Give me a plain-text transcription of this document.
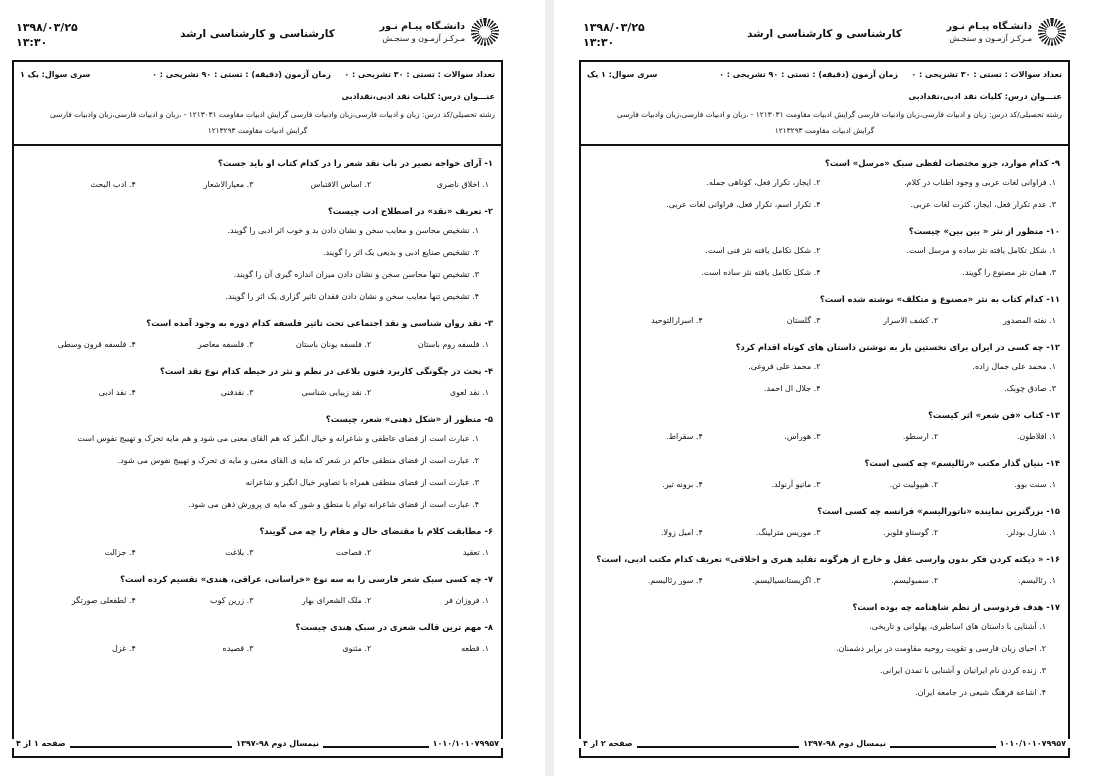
۱۳۹۸/۰۳/۲۵
۱۳:۳۰
کارشناسی و کارشناسی ارشد
دانشـگاه پیـام نـور
مـرکـز آزمـون و سنجـش
تعداد سوالات : تستی : ۳۰ تشریحی : ۰
زمان آزمون (دقیقه) : تستی : ۹۰ تشریحی : ۰
سری سوال: یک ۱
عنـــوان درس: کلیات نقد ادبی،نقدادبی
رشته تحصیلی/کد درس: زبان و ادبیات فارسی،زبان وادبیات فارسی گرایش ادبیات مقاومت ۱۲۱۳۰۳۱ - ،زبان و ادبیات فارسی،زبان وادبیات فارسی
گرایش ادبیات مقاومت ۱۲۱۳۲۹۳
۱- آرای خواجه نصیر در باب نقد شعر را در کدام کتاب او باید جست؟
۱. اخلاق ناصری
۲. اساس الاقتباس
۳. معیارالاشعار
۴. ادب البحث
۲- تعریف «نقد» در اصطلاح ادب چیست؟
۱. تشخیص محاسن و معایب سخن و نشان دادن بد و خوب اثر ادبی را گویند.
۲. تشخیص صنایع ادبی و بدیعی یک اثر را گویند.
۳. تشخیص تنها محاسن سخن و نشان دادن میزان اندازه گیری آن را گویند.
۴. تشخیص تنها معایب سخن و نشان دادن فقدان تاثیر گزاری یک اثر را گویند.
۳- نقد روان شناسی و نقد اجتماعی تحت تاثیر فلسفه کدام دوره به وجود آمده است؟
۱. فلسفه روم باستان
۲. فلسفه یونان باستان
۳. فلسفه معاصر
۴. فلسفه قرون وسطی
۴- بحث در چگونگی کاربرد فنون بلاغی در نظم و نثر در حیطه کدام نوع نقد است؟
۱. نقد لغوی
۲. نقد زیبایی شناسی
۳. نقدفنی
۴. نقد ادبی
۵- منظور از «شکل ذهنی» شعر، چیست؟
۱. عبارت است از فضای عاطفی و شاعرانه و خیال انگیز که هم القای معنی می شود و هم مایه تحرک و تهییج نفوس است
۲. عبارت است از فضای منطقی حاکم در شعر که مایه ی القای معنی و مایه ی تحرک و تهییج نفوس می شود.
۳. عبارت است از فضای منطقی همراه با تصاویر خیال انگیز و شاعرانه
۴. عبارت است از فضای شاعرانه توام با منطق و شور که مایه ی پرورش ذهن می شود.
۶- مطابقت کلام با مقتضای حال و مقام را چه می گویند؟
۱. تعقید
۲. فصاحت
۳. بلاغت
۴. جزالت
۷- چه کسی سبک شعر فارسی را به سه نوع «خراسانی، عراقی، هندی» تقسیم کرده است؟
۱. فروزان فر
۲. ملک الشعرای بهار
۳. زرین کوب
۴. لطفعلی صورتگر
۸- مهم ترین قالب شعری در سبک هندی چیست؟
۱. قطعه
۲. مثنوی
۳. قصیده
۴. غزل
۱۰۱۰/۱۰۱۰۷۹۹۵۷
نیمسال دوم ۹۸-۱۳۹۷
صفحه ۱ از ۴
۱۳۹۸/۰۳/۲۵
۱۳:۳۰
کارشناسی و کارشناسی ارشد
دانشـگاه پیـام نـور
مـرکـز آزمـون و سنجـش
تعداد سوالات : تستی : ۳۰ تشریحی : ۰
زمان آزمون (دقیقه) : تستی : ۹۰ تشریحی : ۰
سری سوال: ۱ یک
عنـــوان درس: کلیات نقد ادبی،نقدادبی
رشته تحصیلی/کد درس: زبان و ادبیات فارسی،زبان وادبیات فارسی گرایش ادبیات مقاومت ۱۲۱۳۰۳۱ - ،زبان و ادبیات فارسی،زبان وادبیات فارسی
گرایش ادبیات مقاومت ۱۲۱۳۲۹۳
۹- کدام موارد، جزو مختصات لفظی سبک «مرسل» است؟
۱. فراوانی لغات عربی و وجود اطناب در کلام.
۲. ایجاز، تکرار فعل، کوتاهی جمله.
۳. عدم تکرار فعل، ایجاز، کثرت لغات عربی.
۴. تکرار اسم، تکرار فعل، فراوانی لغات عربی.
۱۰- منظور از نثر « بین بین» چیست؟
۱. شکل تکامل یافته نثر ساده و مرسل است.
۲. شکل تکامل یافته نثر فنی است.
۳. همان نثر مصنوع را گویند.
۴. شکل تکامل یافته نثر ساده است.
۱۱- کدام کتاب به نثر «مصنوع و متکلف» نوشته شده است؟
۱. نفثه المصدور
۲. کشف الاسرار
۳. گلستان
۴. اسرارالتوحید
۱۲- چه کسی در ایران برای نخستین بار به نوشتن داستان های کوتاه اقدام کرد؟
۱. محمد علی جمال زاده.
۲. محمد علی فروغی.
۳. صادق چوبک.
۴. جلال ال احمد.
۱۳- کتاب «فن شعر» اثر کیست؟
۱. افلاطون.
۲. ارسطو.
۳. هوراس.
۴. سقراط.
۱۴- بنیان گذار مکتب «رئالیسم» چه کسی است؟
۱. سنت بوو.
۲. هیپولیت تن.
۳. ماتیو آرنولد.
۴. برونه تیر.
۱۵- بزرگترین نماینده «ناتورالیسم» فرانسه چه کسی است؟
۱. شارل بودلر.
۲. گوستاو فلوبر.
۳. موریس مترلینگ.
۴. امیل زولا.
۱۶- « دیکته کردن فکر بدون وارسی عقل و خارج از هرگونه تقلید هنری و اخلاقی» تعریف کدام مکتب ادبی، است؟
۱. رئالیسم.
۲. سمبولیسم.
۳. اگزیستانسیالیسم.
۴. سور رئالیسم.
۱۷- هدف فردوسی از نظم شاهنامه چه بوده است؟
۱. آشنایی با داستان های اساطیری، پهلوانی و تاریخی.
۲. احیای زبان فارسی و تقویت روحیه مقاومت در برابر دشمنان.
۳. زنده کردن نام ایرانیان و آشنایی با تمدن ایرانی.
۴. اشاعه فرهنگ شیعی در جامعه ایران.
۱۰۱۰/۱۰۱۰۷۹۹۵۷
نیمسال دوم ۹۸-۱۳۹۷
صفحه ۲ از ۴
